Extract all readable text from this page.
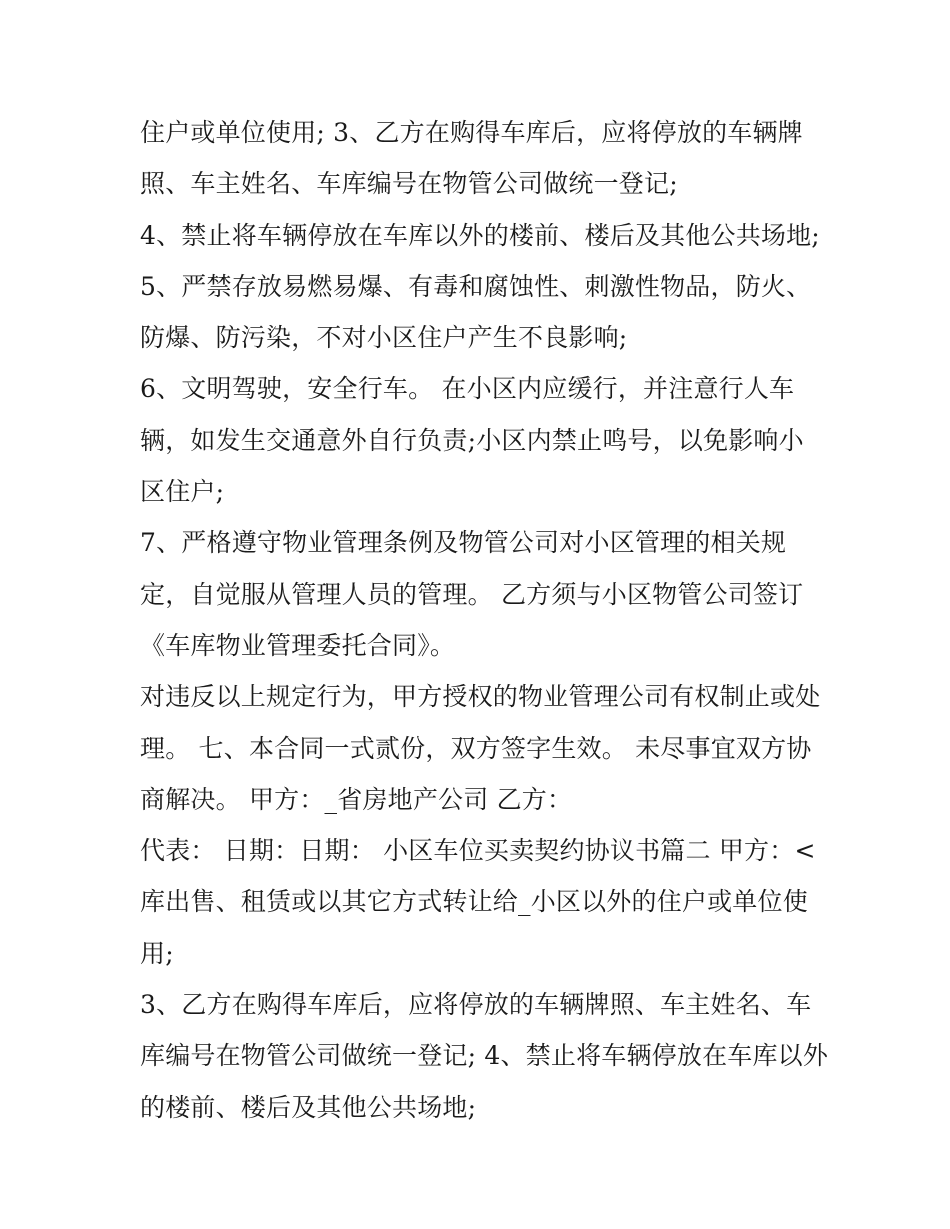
住户或单位使用; 3、乙方在购得车库后，应将停放的车辆牌
照、车主姓名、车库编号在物管公司做统一登记;
4、禁止将车辆停放在车库以外的楼前、楼后及其他公共场地;
5、严禁存放易燃易爆、有毒和腐蚀性、刺激性物品，防火、
防爆、防污染，不对小区住户产生不良影响;
6、文明驾驶，安全行车。 在小区内应缓行，并注意行人车
辆，如发生交通意外自行负责;小区内禁止鸣号，以免影响小
区住户;
7、严格遵守物业管理条例及物管公司对小区管理的相关规
定，自觉服从管理人员的管理。 乙方须与小区物管公司签订
《车库物业管理委托合同》。
对违反以上规定行为，甲方授权的物业管理公司有权制止或处
理。 七、本合同一式贰份，双方签字生效。 未尽事宜双方协
商解决。 甲方：_省房地产公司 乙方：
代表： 日期：日期： 小区车位买卖契约协议书篇二 甲方：<
库出售、租赁或以其它方式转让给_小区以外的住户或单位使
用;
3、乙方在购得车库后，应将停放的车辆牌照、车主姓名、车
库编号在物管公司做统一登记; 4、禁止将车辆停放在车库以外
的楼前、楼后及其他公共场地;
